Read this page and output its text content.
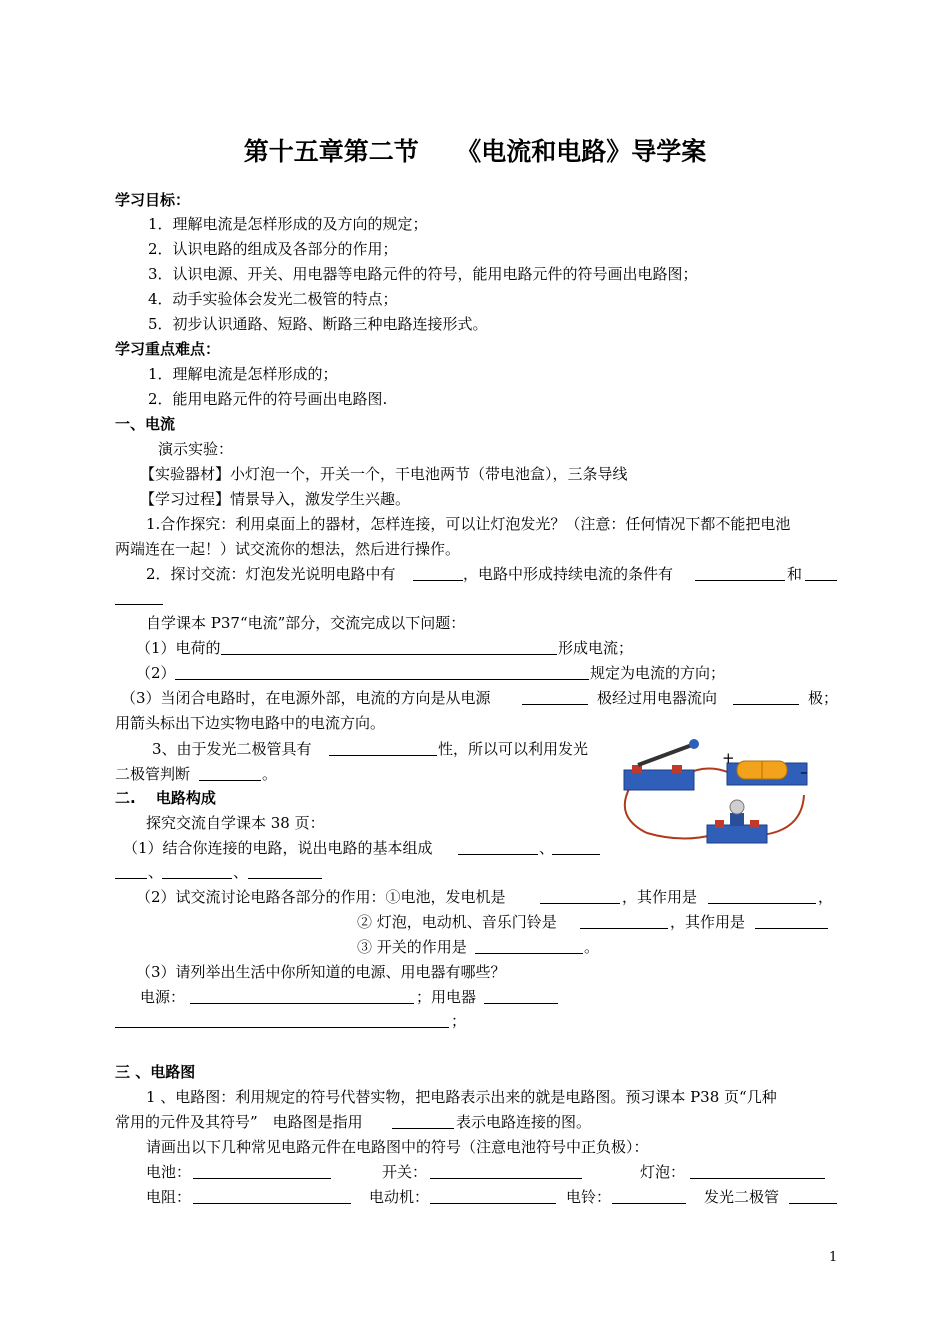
第十五章第二节　　《电流和电路》导学案
学习目标：
1．理解电流是怎样形成的及方向的规定；
2．认识电路的组成及各部分的作用；
3．认识电源、开关、用电器等电路元件的符号，能用电路元件的符号画出电路图；
4．动手实验体会发光二极管的特点；
5．初步认识通路、短路、断路三种电路连接形式。
学习重点难点：
1．理解电流是怎样形成的；
2．能用电路元件的符号画出电路图.
一、电流
演示实验：
【实验器材】小灯泡一个，开关一个，干电池两节（带电池盒），三条导线
【学习过程】情景导入，激发学生兴趣。
1.合作探究：利用桌面上的器材，怎样连接，可以让灯泡发光？（注意：任何情况下都不能把电池
两端连在一起！）试交流你的想法，然后进行操作。
2．探讨交流：灯泡发光说明电路中有	，电路中形成持续电流的条件有	和
自学课本 P37“电流”部分，交流完成以下问题：
（1）电荷的	形成电流；
（2）	规定为电流的方向；
（3）当闭合电路时，在电源外部，电流的方向是从电源	极经过用电器流向	极；
用箭头标出下边实物电路中的电流方向。
3、由于发光二极管具有	性，所以可以利用发光
二极管判断	。
+
–
二.　 电路构成
探究交流自学课本 38 页：
（1）结合你连接的电路，说出电路的基本组成	、
、	、
（2）试交流讨论电路各部分的作用：①电池，发电机是	，其作用是	，
② 灯泡，电动机、音乐门铃是	，其作用是
③ 开关的作用是	。
（3）请列举出生活中你所知道的电源、用电器有哪些？
电源：	；用电器
；
三 、电路图
1 、电路图：利用规定的符号代替实物，把电路表示出来的就是电路图。预习课本 P38 页“几种
常用的元件及其符号”　电路图是指用	表示电路连接的图。
请画出以下几种常见电路元件在电路图中的符号（注意电池符号中正负极）：
电池：	开关：	灯泡：
电阻：	电动机：	电铃：	发光二极管
1
